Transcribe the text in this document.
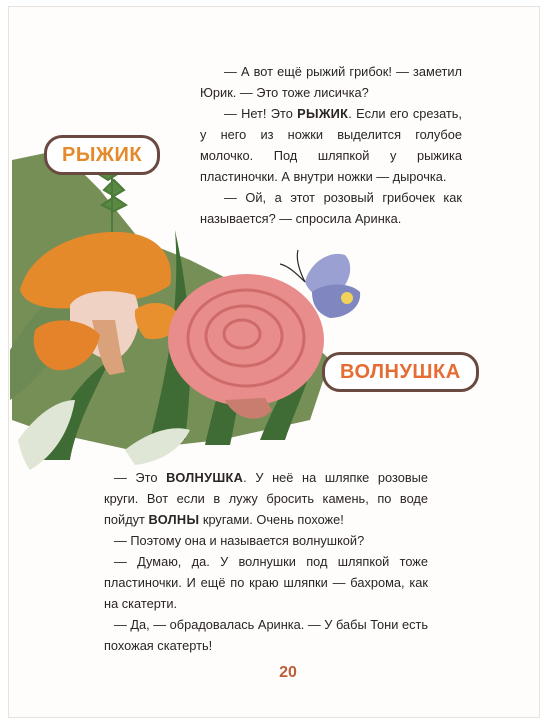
РЫЖИК
ВОЛНУШКА

— А вот ещё рыжий грибок! — заметил Юрик. — Это тоже лисичка?

— Нет! Это РЫЖИК. Если его срезать, у него из ножки выделится голубое молочко. Под шляпкой у рыжика пластиночки. А внутри ножки — дырочка.

— Ой, а этот розовый грибочек как называется? — спросила Аринка.

— Это ВОЛНУШКА. У неё на шляпке розовые круги. Вот если в лужу бросить камень, по воде пойдут ВОЛНЫ кругами. Очень похоже!

— Поэтому она и называется волнушкой?

— Думаю, да. У волнушки под шляпкой тоже пластиночки. И ещё по краю шляпки — бахрома, как на скатерти.

— Да, — обрадовалась Аринка. — У бабы Тони есть похожая скатерть!

20
